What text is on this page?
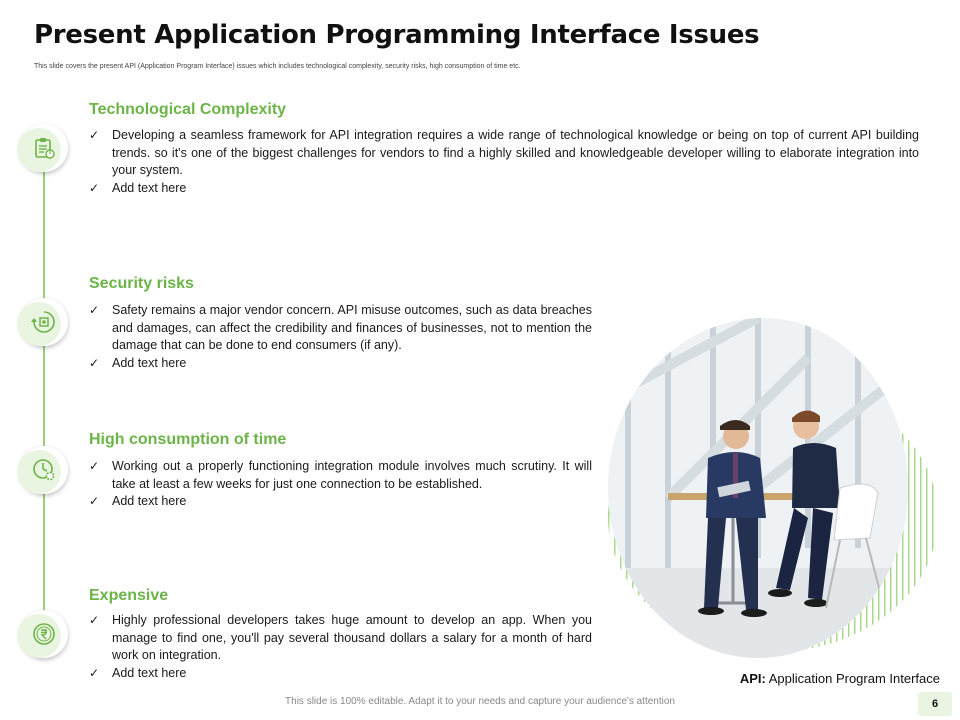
Present Application Programming Interface Issues
This slide covers the present API (Application Program Interface) issues which includes technological complexity, security risks, high consumption of time etc.
Technological Complexity
✓ Developing a seamless framework for API integration requires a wide range of technological knowledge or being on top of current API building trends. so it's one of the biggest challenges for vendors to find a highly skilled and knowledgeable developer willing to elaborate integration into your system.
✓ Add text here
Security risks
✓ Safety remains a major vendor concern. API misuse outcomes, such as data breaches and damages, can affect the credibility and finances of businesses, not to mention the damage that can be done to end consumers (if any).
✓ Add text here
High consumption of time
✓ Working out a properly functioning integration module involves much scrutiny. It will take at least a few weeks for just one connection to be established.
✓ Add text here
Expensive
✓ Highly professional developers takes huge amount to develop an app. When you manage to find one, you'll pay several thousand dollars a salary for a month of hard work on integration.
✓ Add text here	API: Application Program Interface
This slide is 100% editable. Adapt it to your needs and capture your audience's attention	6
